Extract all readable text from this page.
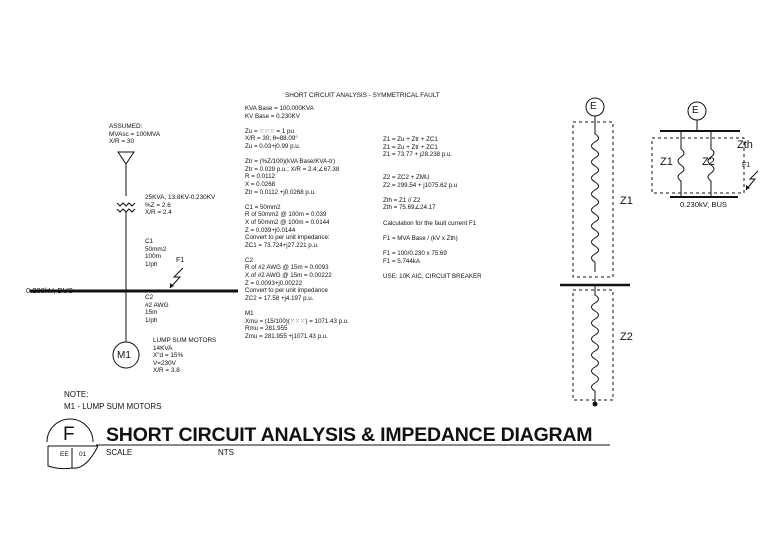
ASSUMED:
MVAsc = 100MVA
X/R = 30
25KVA, 13.8KV-0.230KV
%Z = 2.6
X/R = 2.4
C1
50mm2
100m
1/ph
F1
0.230kV, BUS
C2
#2 AWG
15m
1/ph
M1
LUMP SUM MOTORS
14KVA
X"d = 15%
V=230V
X/R = 3.8
SHORT CIRCUIT ANALYSIS - SYMMETRICAL FAULT
KVA Base = 100,000KVA
KV Base = 0.230KV

Zu = ⁙⁙⁙ = 1 pu
X/R = 30; θ=88.09°
Zu = 0.03+j0.99 p.u.

Ztr = (%Z/100)(kVA Base/KVA-tr)
Ztr = 0.029 p.u.; X/R = 2.4;∠67.38
R = 0.0112
X = 0.0268
Ztr = 0.0112 +j0.0268 p.u.

C1 = 50mm2
R of 50mm2 @ 100m = 0.039
X of 50mm2 @ 100m = 0.0144
Z = 0.039+j0.0144
Convert to per unit impedance:
ZC1 = 73.724+j27.221 p.u.

C2
R of #2 AWG @ 15m = 0.0093
X of #2 AWG @ 15m = 0.00222
Z = 0.0093+j0.00222
Convert to per unit impedance
ZC2 = 17.58 +j4.197 p.u.

M1
Xmu = (15/100)(⁙⁙⁙) = 1071.43 p.u.
Rmu = 281.955
Zmu = 281.955 +j1071.43 p.u.
Z1 = Zu + Ztr + ZC1
Z1 = Zu + Ztr + ZC1
Z1 = 73.77 + j28.238 p.u.

Z2 = ZC2 + ZMU
Z2 = 299.54 + j1075.62 p.u

Zth = Z1 // Z2
Zth = 75.69∠24.17

Calculation for the fault current F1

F1 = MVA Base / (kV x Zth)

F1 = 100/0.230 x 75.69
F1 = 5.744kA

USE: 10K AIC, CIRCUIT BREAKER
E
Z1
Z2
E
Zth
Z1	Z2	F1
0.230kV, BUS
NOTE:
M1 - LUMP SUM MOTORS
F
EE 01
SHORT CIRCUIT ANALYSIS & IMPEDANCE DIAGRAM
SCALE	NTS
